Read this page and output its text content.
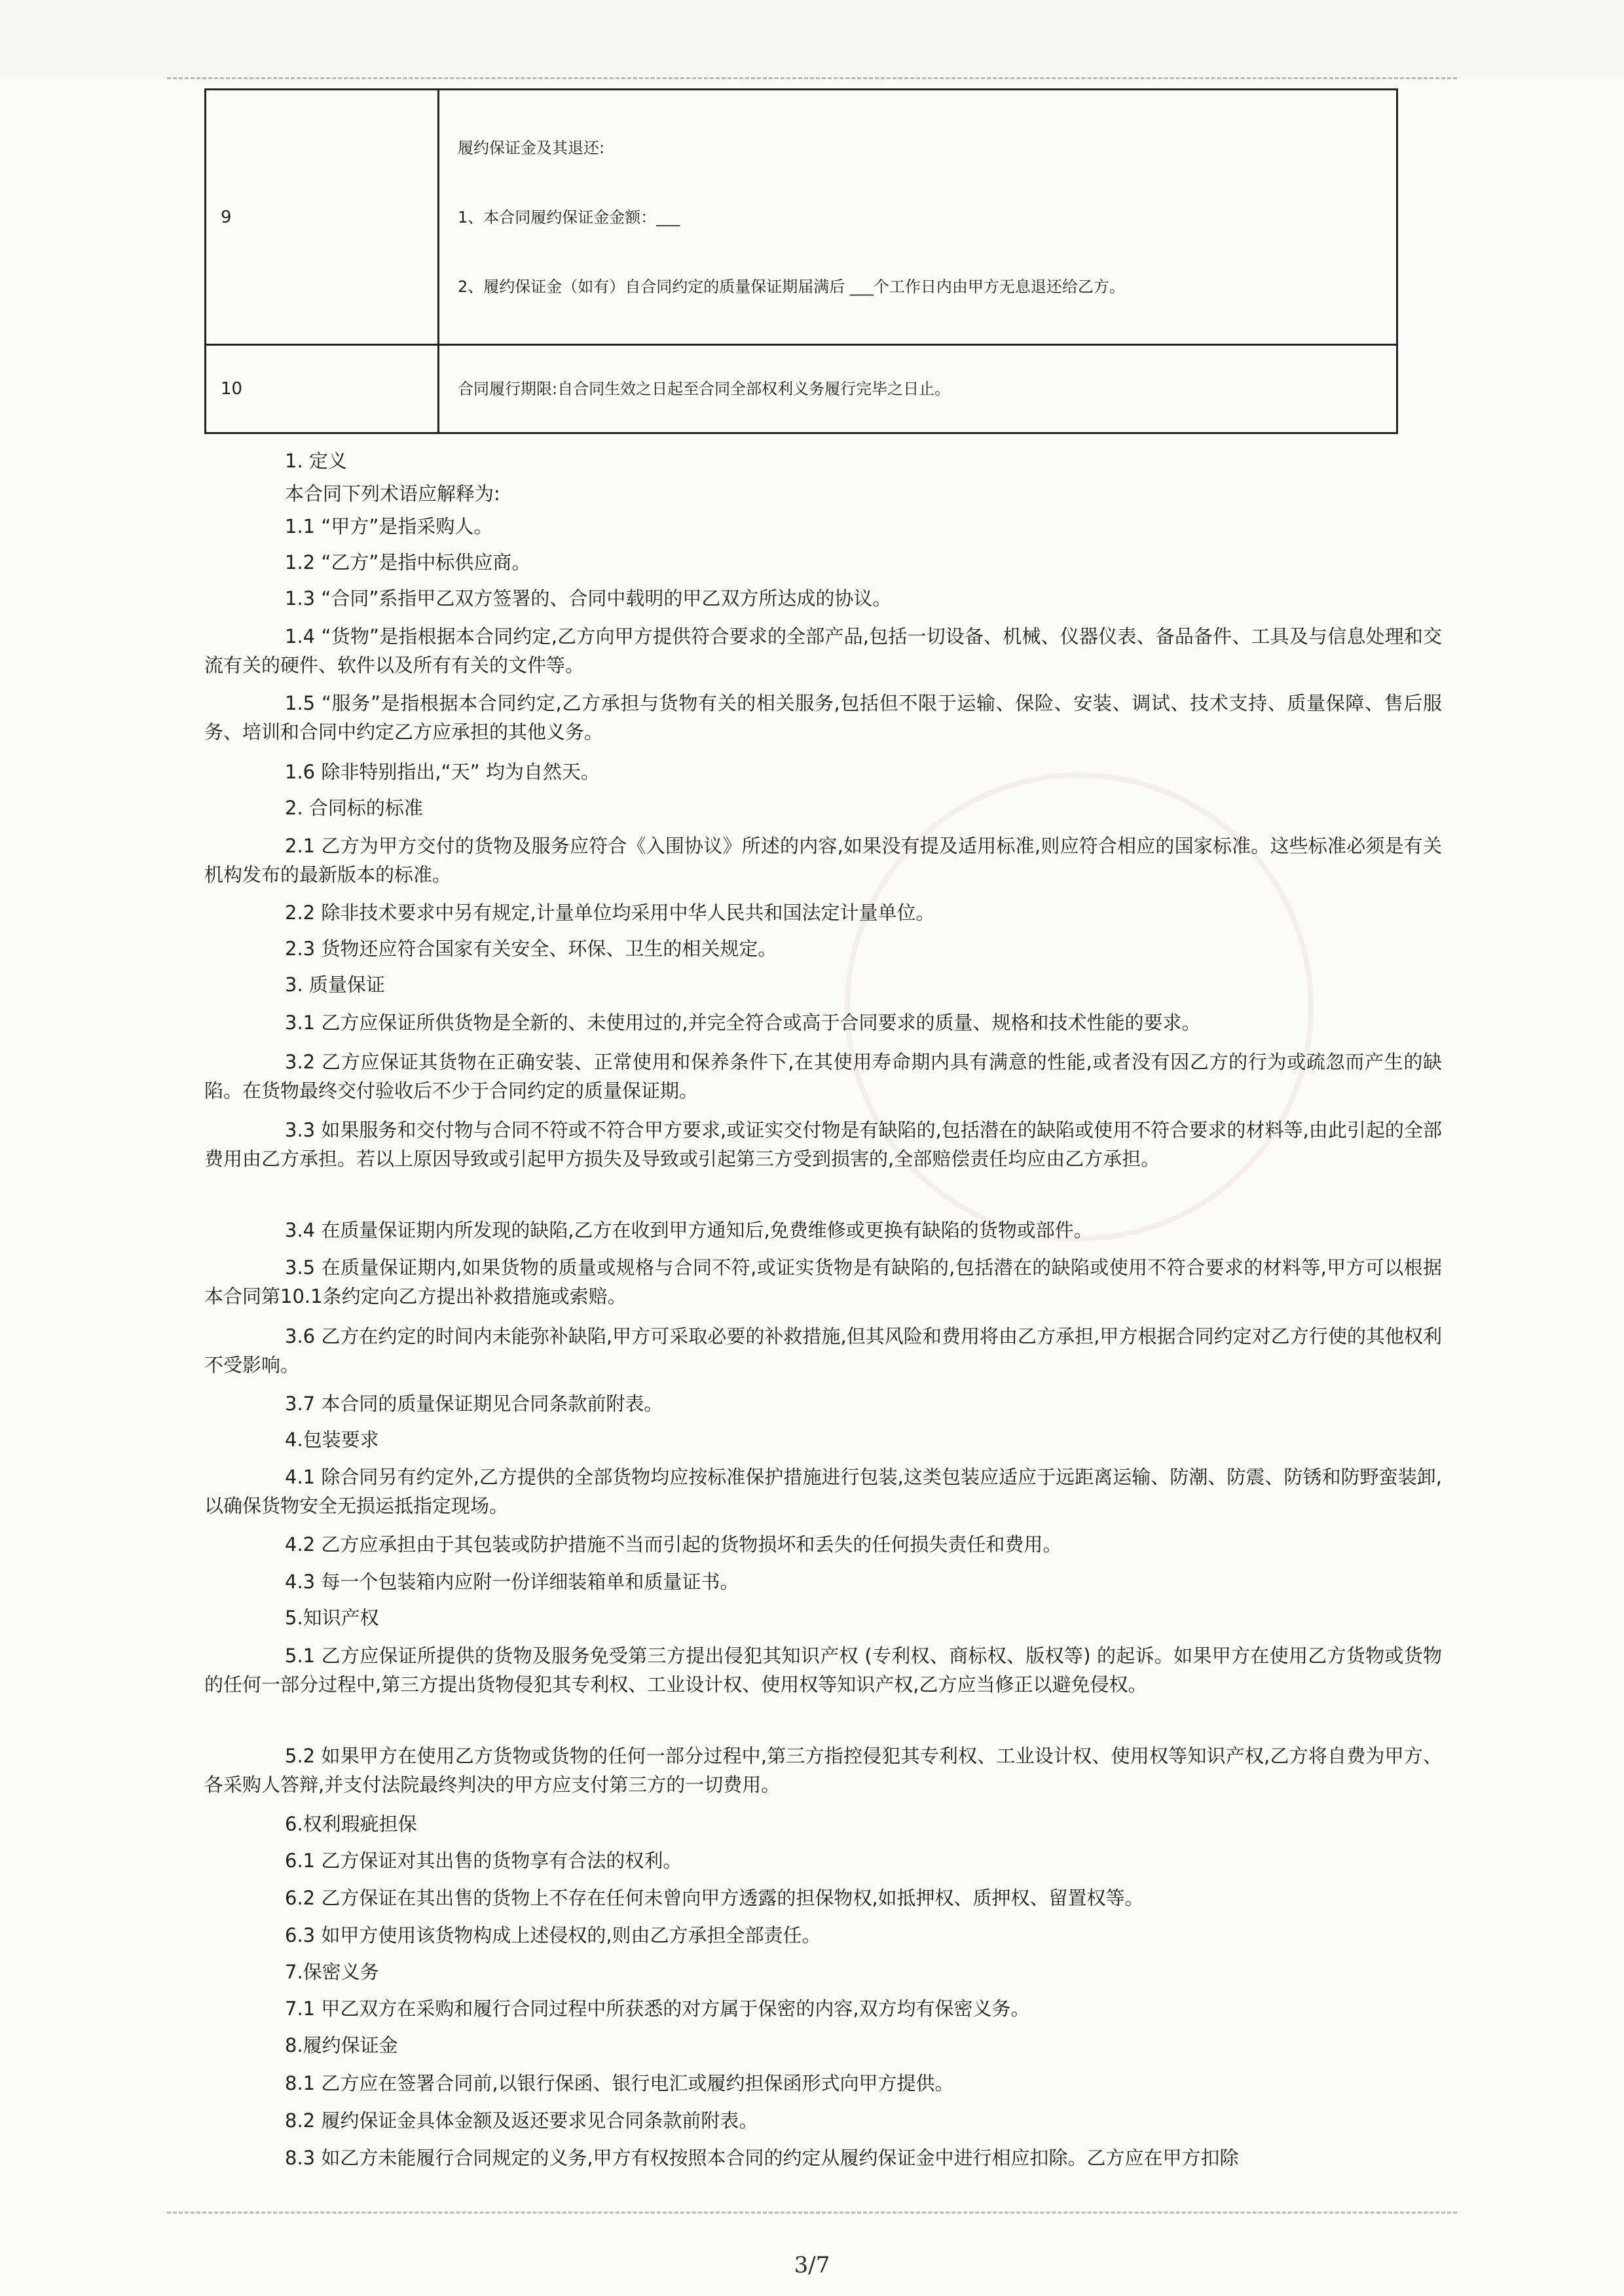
9	履约保证金及其退还:

1、本合同履约保证金金额：___

2、履约保证金（如有）自合同约定的质量保证期届满后 ___个工作日内由甲方无息退还给乙方。

10	合同履行期限:自合同生效之日起至合同全部权利义务履行完毕之日止。

1. 定义

本合同下列术语应解释为:

1.1 “甲方”是指采购人。

1.2 “乙方”是指中标供应商。

1.3 “合同”系指甲乙双方签署的、合同中载明的甲乙双方所达成的协议。

1.4 “货物”是指根据本合同约定,乙方向甲方提供符合要求的全部产品,包括一切设备、机械、仪器仪表、备品备件、工具及与信息处理和交流有关的硬件、软件以及所有有关的文件等。

1.5 “服务”是指根据本合同约定,乙方承担与货物有关的相关服务,包括但不限于运输、保险、安装、调试、技术支持、质量保障、售后服务、培训和合同中约定乙方应承担的其他义务。

1.6 除非特别指出,“天” 均为自然天。

2. 合同标的标准

2.1 乙方为甲方交付的货物及服务应符合《入围协议》所述的内容,如果没有提及适用标准,则应符合相应的国家标准。这些标准必须是有关机构发布的最新版本的标准。

2.2 除非技术要求中另有规定,计量单位均采用中华人民共和国法定计量单位。

2.3 货物还应符合国家有关安全、环保、卫生的相关规定。

3. 质量保证

3.1 乙方应保证所供货物是全新的、未使用过的,并完全符合或高于合同要求的质量、规格和技术性能的要求。

3.2 乙方应保证其货物在正确安装、正常使用和保养条件下,在其使用寿命期内具有满意的性能,或者没有因乙方的行为或疏忽而产生的缺陷。在货物最终交付验收后不少于合同约定的质量保证期。

3.3 如果服务和交付物与合同不符或不符合甲方要求,或证实交付物是有缺陷的,包括潜在的缺陷或使用不符合要求的材料等,由此引起的全部费用由乙方承担。若以上原因导致或引起甲方损失及导致或引起第三方受到损害的,全部赔偿责任均应由乙方承担。

3.4 在质量保证期内所发现的缺陷,乙方在收到甲方通知后,免费维修或更换有缺陷的货物或部件。

3.5 在质量保证期内,如果货物的质量或规格与合同不符,或证实货物是有缺陷的,包括潜在的缺陷或使用不符合要求的材料等,甲方可以根据本合同第10.1条约定向乙方提出补救措施或索赔。

3.6 乙方在约定的时间内未能弥补缺陷,甲方可采取必要的补救措施,但其风险和费用将由乙方承担,甲方根据合同约定对乙方行使的其他权利不受影响。

3.7 本合同的质量保证期见合同条款前附表。

4.包装要求

4.1 除合同另有约定外,乙方提供的全部货物均应按标准保护措施进行包装,这类包装应适应于远距离运输、防潮、防震、防锈和防野蛮装卸,以确保货物安全无损运抵指定现场。

4.2 乙方应承担由于其包装或防护措施不当而引起的货物损坏和丢失的任何损失责任和费用。

4.3 每一个包装箱内应附一份详细装箱单和质量证书。

5.知识产权

5.1 乙方应保证所提供的货物及服务免受第三方提出侵犯其知识产权 (专利权、商标权、版权等) 的起诉。如果甲方在使用乙方货物或货物的任何一部分过程中,第三方提出货物侵犯其专利权、工业设计权、使用权等知识产权,乙方应当修正以避免侵权。

5.2 如果甲方在使用乙方货物或货物的任何一部分过程中,第三方指控侵犯其专利权、工业设计权、使用权等知识产权,乙方将自费为甲方、各采购人答辩,并支付法院最终判决的甲方应支付第三方的一切费用。

6.权利瑕疵担保

6.1 乙方保证对其出售的货物享有合法的权利。

6.2 乙方保证在其出售的货物上不存在任何未曾向甲方透露的担保物权,如抵押权、质押权、留置权等。

6.3 如甲方使用该货物构成上述侵权的,则由乙方承担全部责任。

7.保密义务

7.1 甲乙双方在采购和履行合同过程中所获悉的对方属于保密的内容,双方均有保密义务。

8.履约保证金

8.1 乙方应在签署合同前,以银行保函、银行电汇或履约担保函形式向甲方提供。

8.2 履约保证金具体金额及返还要求见合同条款前附表。

8.3 如乙方未能履行合同规定的义务,甲方有权按照本合同的约定从履约保证金中进行相应扣除。乙方应在甲方扣除

3/7
